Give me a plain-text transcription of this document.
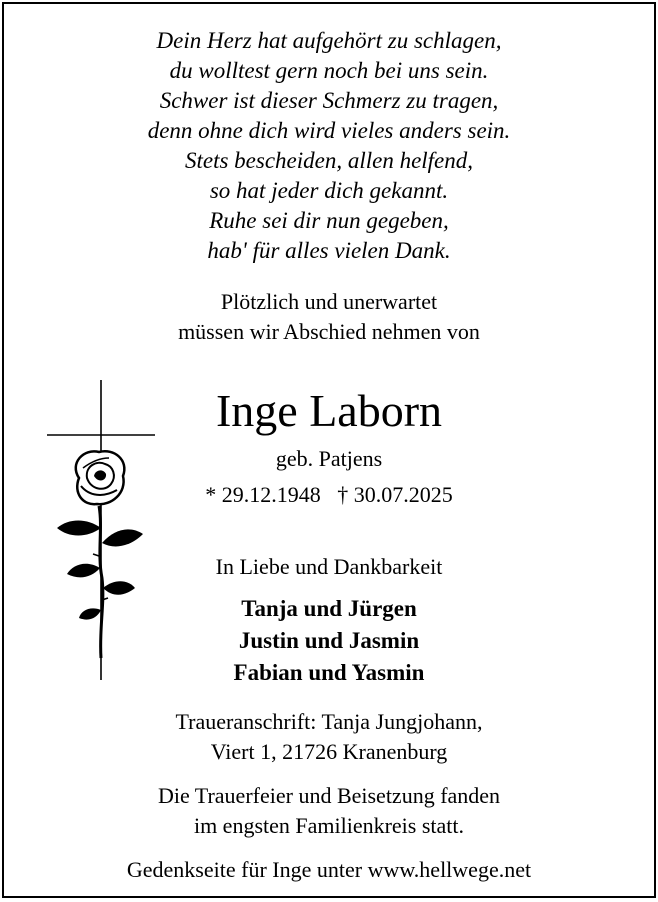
Dein Herz hat aufgehört zu schlagen,
du wolltest gern noch bei uns sein.
Schwer ist dieser Schmerz zu tragen,
denn ohne dich wird vieles anders sein.
Stets bescheiden, allen helfend,
so hat jeder dich gekannt.
Ruhe sei dir nun gegeben,
hab' für alles vielen Dank.
Plötzlich und unerwartet
müssen wir Abschied nehmen von
Inge Laborn
geb. Patjens
* 29.12.1948   † 30.07.2025
In Liebe und Dankbarkeit
Tanja und Jürgen
Justin und Jasmin
Fabian und Yasmin
Traueranschrift: Tanja Jungjohann,
Viert 1, 21726 Kranenburg
Die Trauerfeier und Beisetzung fanden
im engsten Familienkreis statt.
Gedenkseite für Inge unter www.hellwege.net
